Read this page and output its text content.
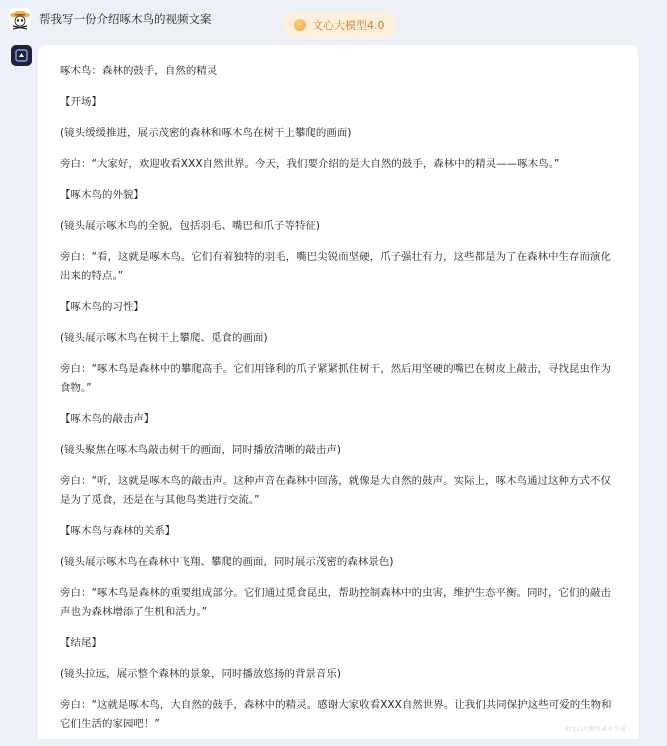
帮我写一份介绍啄木鸟的视频文案	文心大模型4.0

啄木鸟：森林的鼓手，自然的精灵

【开场】

(镜头缓缓推进，展示茂密的森林和啄木鸟在树干上攀爬的画面)

旁白：“大家好，欢迎收看XXX自然世界。今天，我们要介绍的是大自然的鼓手，森林中的精灵——啄木鸟。”

【啄木鸟的外貌】

(镜头展示啄木鸟的全貌，包括羽毛、嘴巴和爪子等特征)

旁白：“看，这就是啄木鸟。它们有着独特的羽毛，嘴巴尖锐而坚硬，爪子强壮有力，这些都是为了在森林中生存而演化出来的特点。”

【啄木鸟的习性】

(镜头展示啄木鸟在树干上攀爬、觅食的画面)

旁白：“啄木鸟是森林中的攀爬高手。它们用锋利的爪子紧紧抓住树干，然后用坚硬的嘴巴在树皮上敲击，寻找昆虫作为食物。”

【啄木鸟的敲击声】

(镜头聚焦在啄木鸟敲击树干的画面，同时播放清晰的敲击声)

旁白：“听，这就是啄木鸟的敲击声。这种声音在森林中回荡，就像是大自然的鼓声。实际上，啄木鸟通过这种方式不仅是为了觅食，还是在与其他鸟类进行交流。”

【啄木鸟与森林的关系】

(镜头展示啄木鸟在森林中飞翔、攀爬的画面，同时展示茂密的森林景色)

旁白：“啄木鸟是森林的重要组成部分。它们通过觅食昆虫，帮助控制森林中的虫害，维护生态平衡。同时，它们的敲击声也为森林增添了生机和活力。”

【结尾】

(镜头拉远，展示整个森林的景象，同时播放悠扬的背景音乐)

旁白：“这就是啄木鸟，大自然的鼓手，森林中的精灵。感谢大家收看XXX自然世界。让我们共同保护这些可爱的生物和它们生活的家园吧！”	由文心大模型 4.0 生成
